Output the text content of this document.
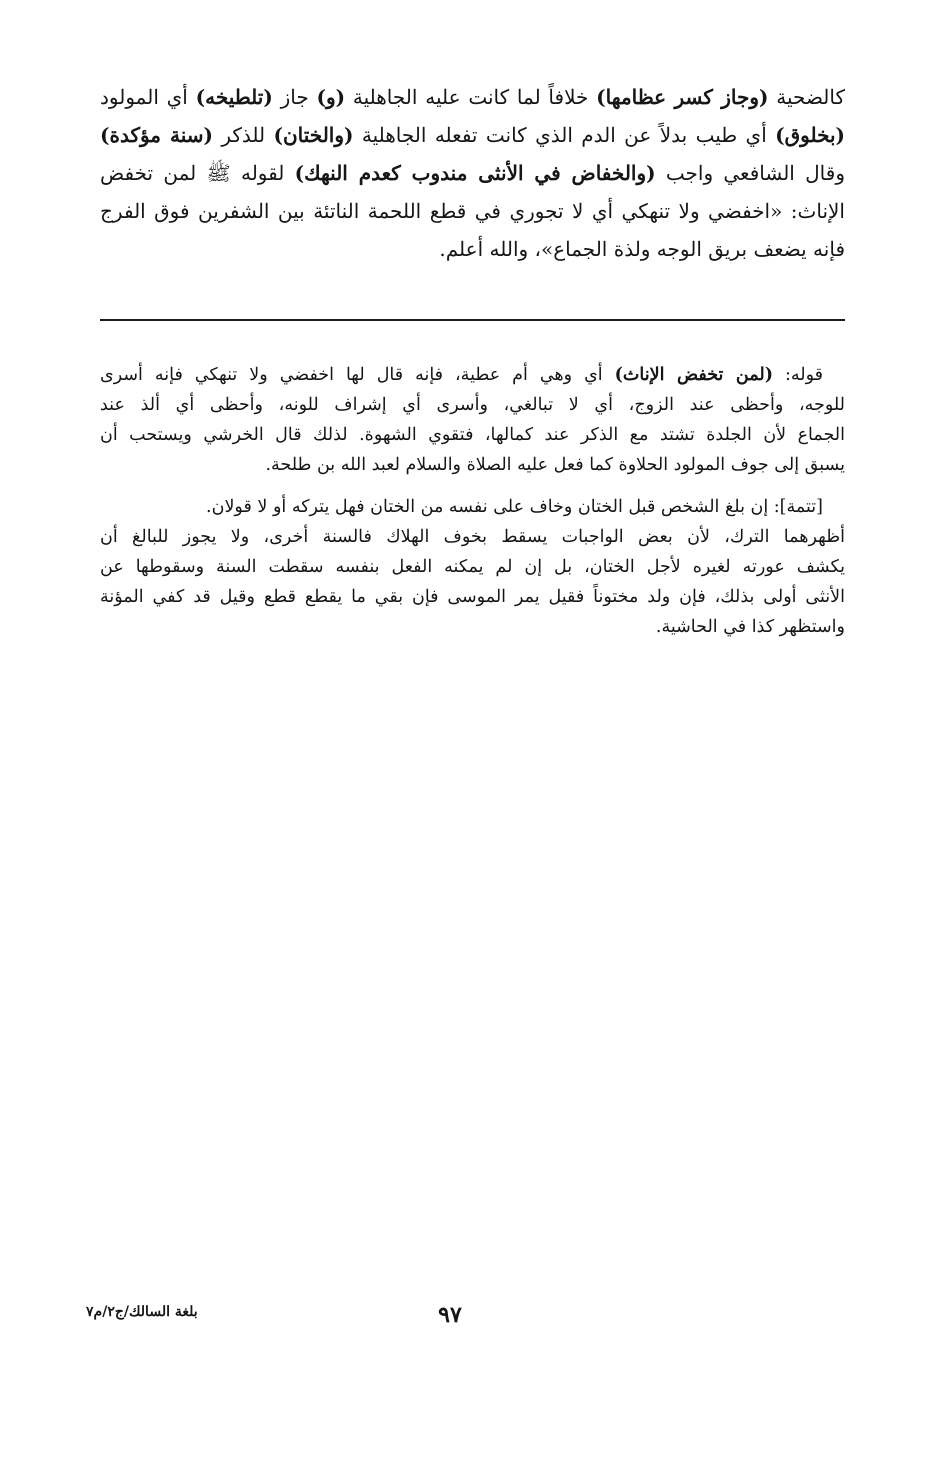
كالضحية (وجاز كسر عظامها) خلافاً لما كانت عليه الجاهلية (و) جاز (تلطيخه) أي المولود
(بخلوق) أي طيب بدلاً عن الدم الذي كانت تفعله الجاهلية (والختان) للذكر (سنة مؤكدة)
وقال الشافعي واجب (والخفاض في الأنثى مندوب كعدم النهك) لقوله ﷺ لمن تخفض
الإناث: «اخفضي ولا تنهكي أي لا تجوري في قطع اللحمة الناتئة بين الشفرين فوق الفرج
فإنه يضعف بريق الوجه ولذة الجماع»، والله أعلم.
قوله: (لمن تخفض الإناث) أي وهي أم عطية، فإنه قال لها اخفضي ولا تنهكي فإنه أسرى
للوجه، وأحظى عند الزوج، أي لا تبالغي، وأسرى أي إشراف للونه، وأحظى أي ألذ عند
الجماع لأن الجلدة تشتد مع الذكر عند كمالها، فتقوي الشهوة. لذلك قال الخرشي ويستحب أن
يسبق إلى جوف المولود الحلاوة كما فعل عليه الصلاة والسلام لعبد الله بن طلحة.
[تتمة]: إن بلغ الشخص قبل الختان وخاف على نفسه من الختان فهل يتركه أو لا قولان.
أظهرهما الترك، لأن بعض الواجبات يسقط بخوف الهلاك فالسنة أخرى، ولا يجوز للبالغ أن
يكشف عورته لغيره لأجل الختان، بل إن لم يمكنه الفعل بنفسه سقطت السنة وسقوطها عن
الأنثى أولى بذلك، فإن ولد مختوناً فقيل يمر الموسى فإن بقي ما يقطع قطع وقيل قد كفي المؤنة
واستظهر كذا في الحاشية.
٩٧
بلغة السالك/ج٢/م٧
